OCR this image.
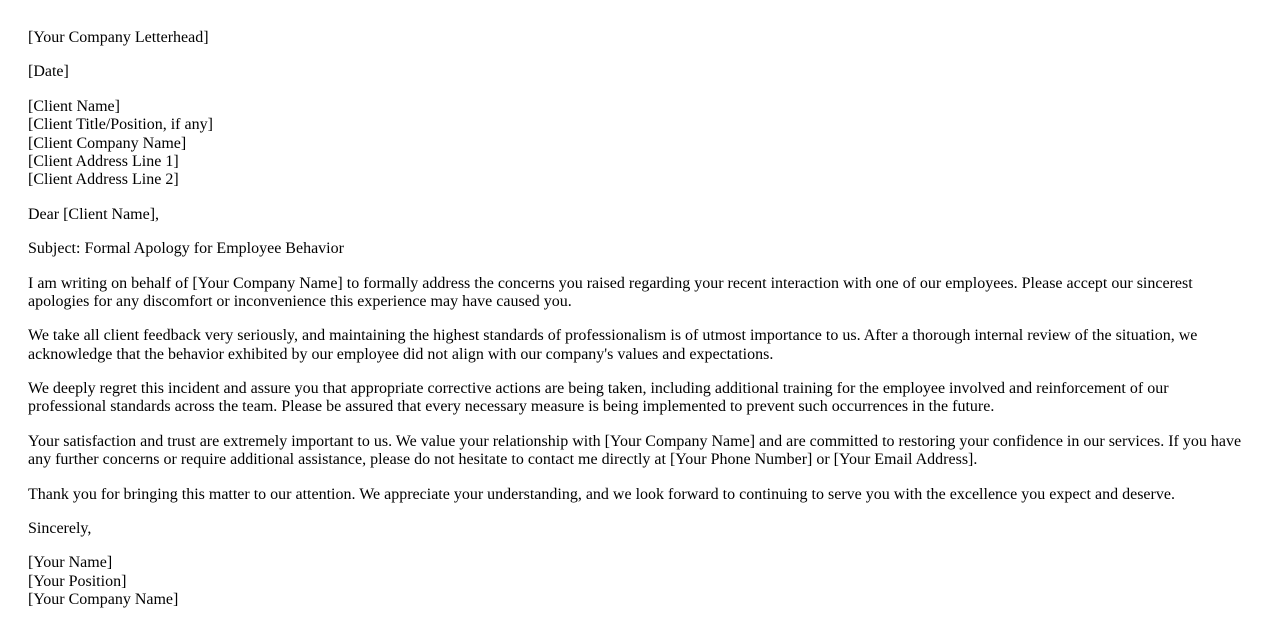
[Your Company Letterhead]

[Date]

[Client Name]
[Client Title/Position, if any]
[Client Company Name]
[Client Address Line 1]
[Client Address Line 2]

Dear [Client Name],

Subject: Formal Apology for Employee Behavior

I am writing on behalf of [Your Company Name] to formally address the concerns you raised regarding your recent interaction with one of our employees. Please accept our sincerest apologies for any discomfort or inconvenience this experience may have caused you.

We take all client feedback very seriously, and maintaining the highest standards of professionalism is of utmost importance to us. After a thorough internal review of the situation, we acknowledge that the behavior exhibited by our employee did not align with our company's values and expectations.

We deeply regret this incident and assure you that appropriate corrective actions are being taken, including additional training for the employee involved and reinforcement of our professional standards across the team. Please be assured that every necessary measure is being implemented to prevent such occurrences in the future.

Your satisfaction and trust are extremely important to us. We value your relationship with [Your Company Name] and are committed to restoring your confidence in our services. If you have any further concerns or require additional assistance, please do not hesitate to contact me directly at [Your Phone Number] or [Your Email Address].

Thank you for bringing this matter to our attention. We appreciate your understanding, and we look forward to continuing to serve you with the excellence you expect and deserve.

Sincerely,

[Your Name]
[Your Position]
[Your Company Name]
